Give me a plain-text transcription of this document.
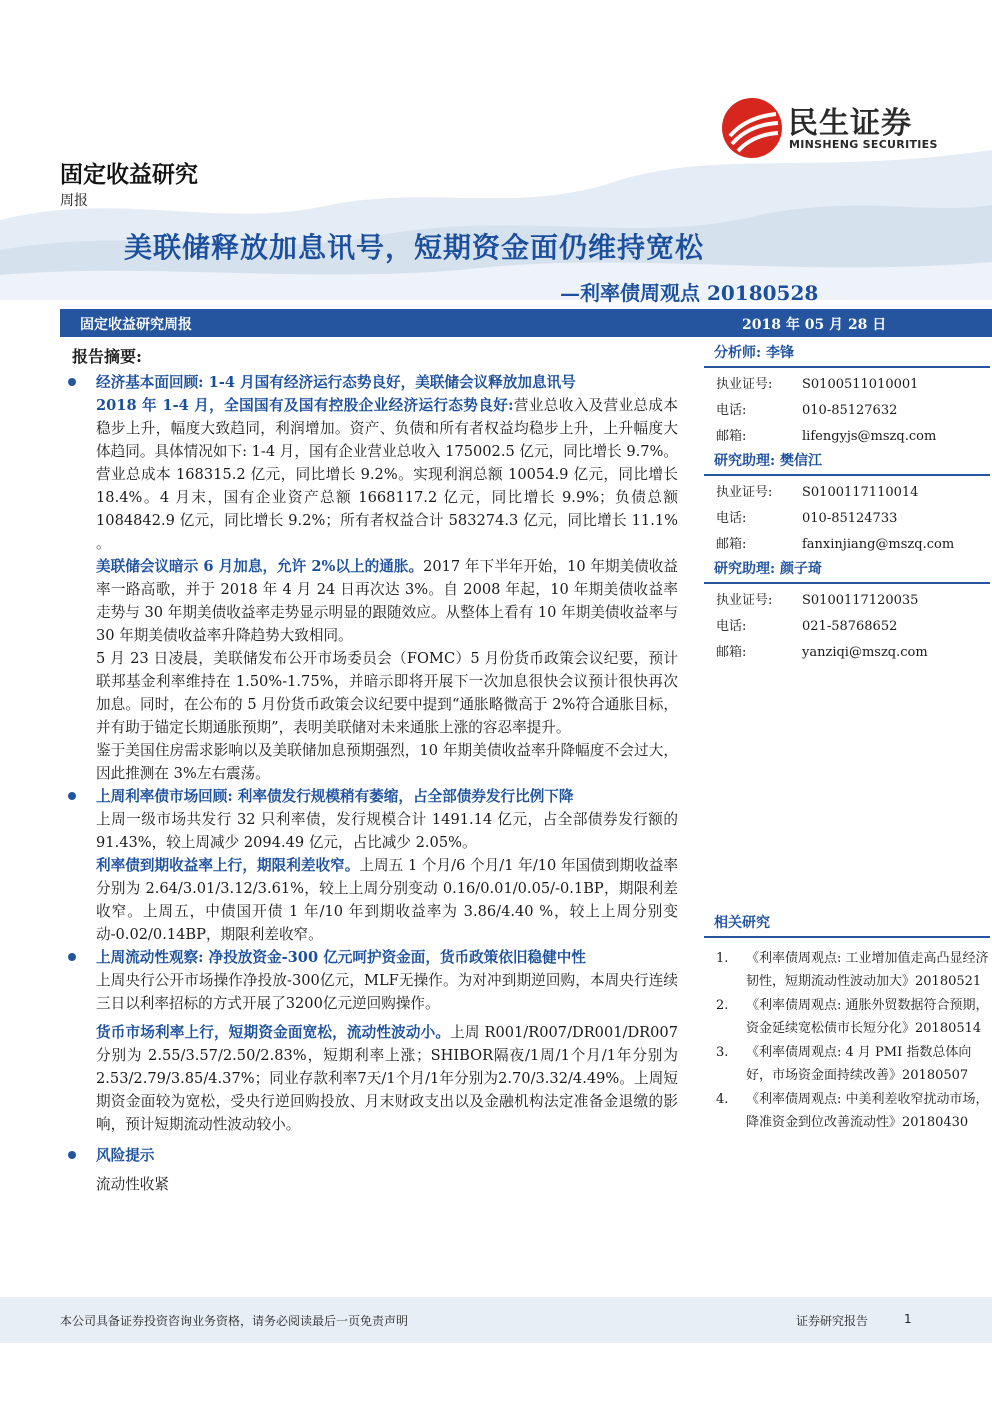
民生证券
MINSHENG SECURITIES
固定收益研究
周报
美联储释放加息讯号，短期资金面仍维持宽松
—利率债周观点 20180528
固定收益研究周报	2018 年 05 月 28 日
报告摘要:

经济基本面回顾: 1-4 月国有经济运行态势良好，美联储会议释放加息讯号

2018 年 1-4 月，全国国有及国有控股企业经济运行态势良好:营业总收入及营业总成本稳步上升，幅度大致趋同，利润增加。资产、负债和所有者权益均稳步上升，上升幅度大体趋同。具体情况如下: 1-4 月，国有企业营业总收入 175002.5 亿元，同比增长 9.7%。营业总成本 168315.2 亿元，同比增长 9.2%。实现利润总额 10054.9 亿元，同比增长 18.4%。4 月末，国有企业资产总额 1668117.2 亿元，同比增长 9.9%；负债总额 1084842.9 亿元，同比增长 9.2%；所有者权益合计 583274.3 亿元，同比增长 11.1% 。

美联储会议暗示 6 月加息，允许 2%以上的通胀。2017 年下半年开始，10 年期美债收益率一路高歌，并于 2018 年 4 月 24 日再次达 3%。自 2008 年起，10 年期美债收益率走势与 30 年期美债收益率走势显示明显的跟随效应。从整体上看有 10 年期美债收益率与 30 年期美债收益率升降趋势大致相同。

5 月 23 日凌晨，美联储发布公开市场委员会（FOMC）5 月份货币政策会议纪要，预计联邦基金利率维持在 1.50%-1.75%，并暗示即将开展下一次加息很快会议预计很快再次加息。同时，在公布的 5 月份货币政策会议纪要中提到“通胀略微高于 2%符合通胀目标，并有助于锚定长期通胀预期”，表明美联储对未来通胀上涨的容忍率提升。

鉴于美国住房需求影响以及美联储加息预期强烈，10 年期美债收益率升降幅度不会过大，因此推测在 3%左右震荡。

上周利率债市场回顾: 利率债发行规模稍有萎缩，占全部债券发行比例下降

上周一级市场共发行 32 只利率债，发行规模合计 1491.14 亿元，占全部债券发行额的 91.43%，较上周减少 2094.49 亿元，占比减少 2.05%。

利率债到期收益率上行，期限利差收窄。上周五 1 个月/6 个月/1 年/10 年国债到期收益率分别为 2.64/3.01/3.12/3.61%，较上上周分别变动 0.16/0.01/0.05/-0.1BP，期限利差收窄。上周五，中债国开债 1 年/10 年到期收益率为 3.86/4.40 %，较上上周分别变动-0.02/0.14BP，期限利差收窄。

上周流动性观察: 净投放资金-300 亿元呵护资金面，货币政策依旧稳健中性

上周央行公开市场操作净投放-300亿元，MLF无操作。为对冲到期逆回购，本周央行连续三日以利率招标的方式开展了3200亿元逆回购操作。

货币市场利率上行，短期资金面宽松，流动性波动小。上周 R001/R007/DR001/DR007 分别为 2.55/3.57/2.50/2.83%，短期利率上涨；SHIBOR隔夜/1周/1个月/1年分别为2.53/2.79/3.85/4.37%；同业存款利率7天/1个月/1年分别为2.70/3.32/4.49%。上周短期资金面较为宽松，受央行逆回购投放、月末财政支出以及金融机构法定准备金退缴的影响，预计短期流动性波动较小。

风险提示

流动性收紧

分析师: 李锋
执业证号: S0100511010001
电话:	010-85127632
邮箱:	lifengyjs@mszq.com
研究助理: 樊信江
执业证号: S0100117110014
电话:	010-85124733
邮箱:	fanxinjiang@mszq.com
研究助理: 颜子琦
执业证号: S0100117120035
电话:	021-58768652
邮箱:	yanziqi@mszq.com
相关研究
1. 《利率债周观点: 工业增加值走高凸显经济韧性，短期流动性波动加大》20180521
2. 《利率债周观点: 通胀外贸数据符合预期，资金延续宽松债市长短分化》20180514
3. 《利率债周观点: 4 月 PMI 指数总体向好，市场资金面持续改善》20180507
4. 《利率债周观点: 中美利差收窄扰动市场，降准资金到位改善流动性》20180430
本公司具备证券投资咨询业务资格，请务必阅读最后一页免责声明	证券研究报告	1
